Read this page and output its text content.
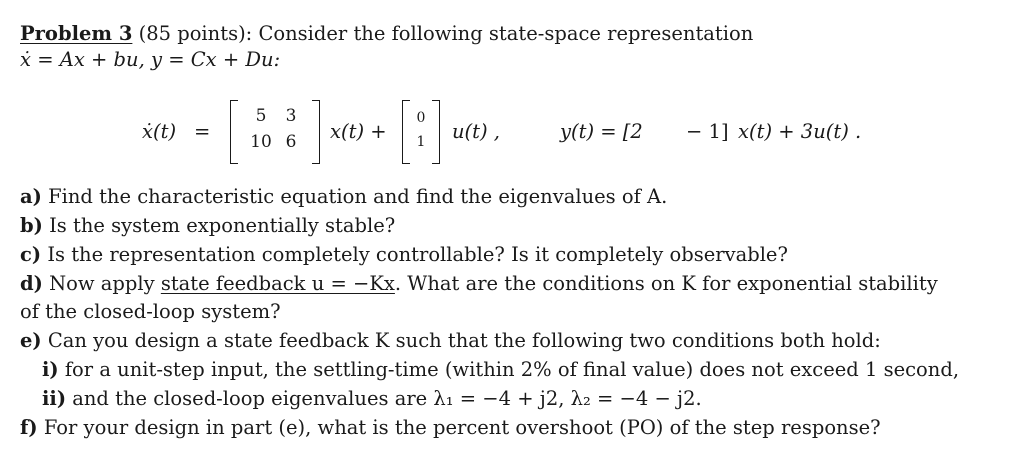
Problem 3 (85 points): Consider the following state-space representation
ẋ = Ax + bu, y = Cx + Du:
ẋ(t) =
5	3
10 6	x(t) +
0
1 u(t) ,	y(t) = [2 − 1] x(t) + 3u(t) .
a) Find the characteristic equation and find the eigenvalues of A.
b) Is the system exponentially stable?
c) Is the representation completely controllable? Is it completely observable?
d) Now apply state feedback u = −Kx. What are the conditions on K for exponential stability
of the closed-loop system?
e) Can you design a state feedback K such that the following two conditions both hold:
i) for a unit-step input, the settling-time (within 2% of final value) does not exceed 1 second,
ii) and the closed-loop eigenvalues are λ₁ = −4 + j2, λ₂ = −4 − j2.
f) For your design in part (e), what is the percent overshoot (PO) of the step response?
